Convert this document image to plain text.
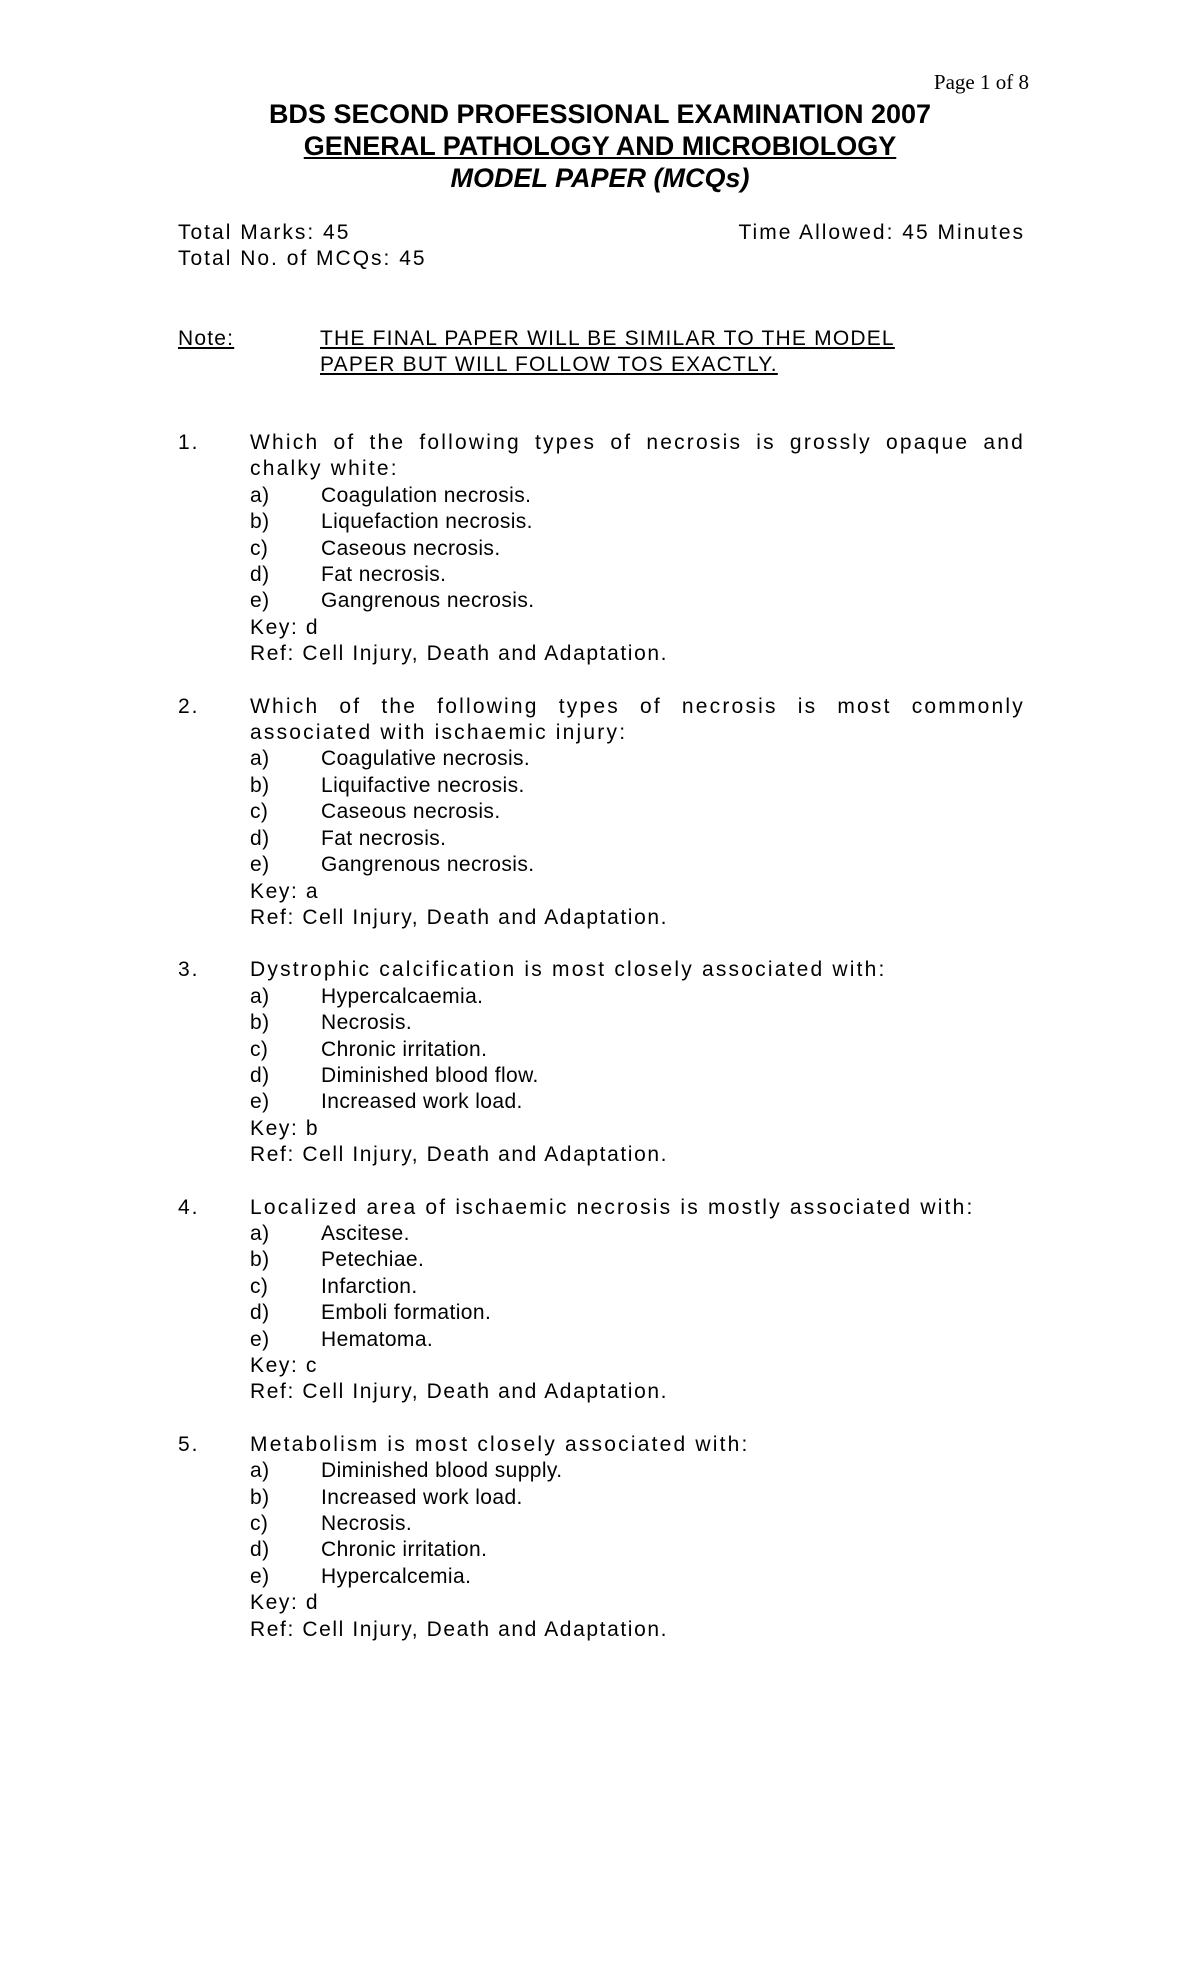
Page 1 of 8
BDS SECOND PROFESSIONAL EXAMINATION 2007
GENERAL PATHOLOGY AND MICROBIOLOGY
MODEL PAPER (MCQs)
Total Marks: 45	Time Allowed: 45 Minutes
Total No. of MCQs: 45
Note:	THE FINAL PAPER WILL BE SIMILAR TO THE MODEL PAPER BUT WILL FOLLOW TOS EXACTLY.
1.	Which of the following types of necrosis is grossly opaque and chalky white:
a)	Coagulation necrosis.
b)	Liquefaction necrosis.
c)	Caseous necrosis.
d)	Fat necrosis.
e)	Gangrenous necrosis.
Key: d
Ref: Cell Injury, Death and Adaptation.
2.	Which of the following types of necrosis is most commonly associated with ischaemic injury:
a)	Coagulative necrosis.
b)	Liquifactive necrosis.
c)	Caseous necrosis.
d)	Fat necrosis.
e)	Gangrenous necrosis.
Key: a
Ref: Cell Injury, Death and Adaptation.
3.	Dystrophic calcification is most closely associated with:
a)	Hypercalcaemia.
b)	Necrosis.
c)	Chronic irritation.
d)	Diminished blood flow.
e)	Increased work load.
Key: b
Ref: Cell Injury, Death and Adaptation.
4.	Localized area of ischaemic necrosis is mostly associated with:
a)	Ascitese.
b)	Petechiae.
c)	Infarction.
d)	Emboli formation.
e)	Hematoma.
Key: c
Ref: Cell Injury, Death and Adaptation.
5.	Metabolism is most closely associated with:
a)	Diminished blood supply.
b)	Increased work load.
c)	Necrosis.
d)	Chronic irritation.
e)	Hypercalcemia.
Key: d
Ref: Cell Injury, Death and Adaptation.
